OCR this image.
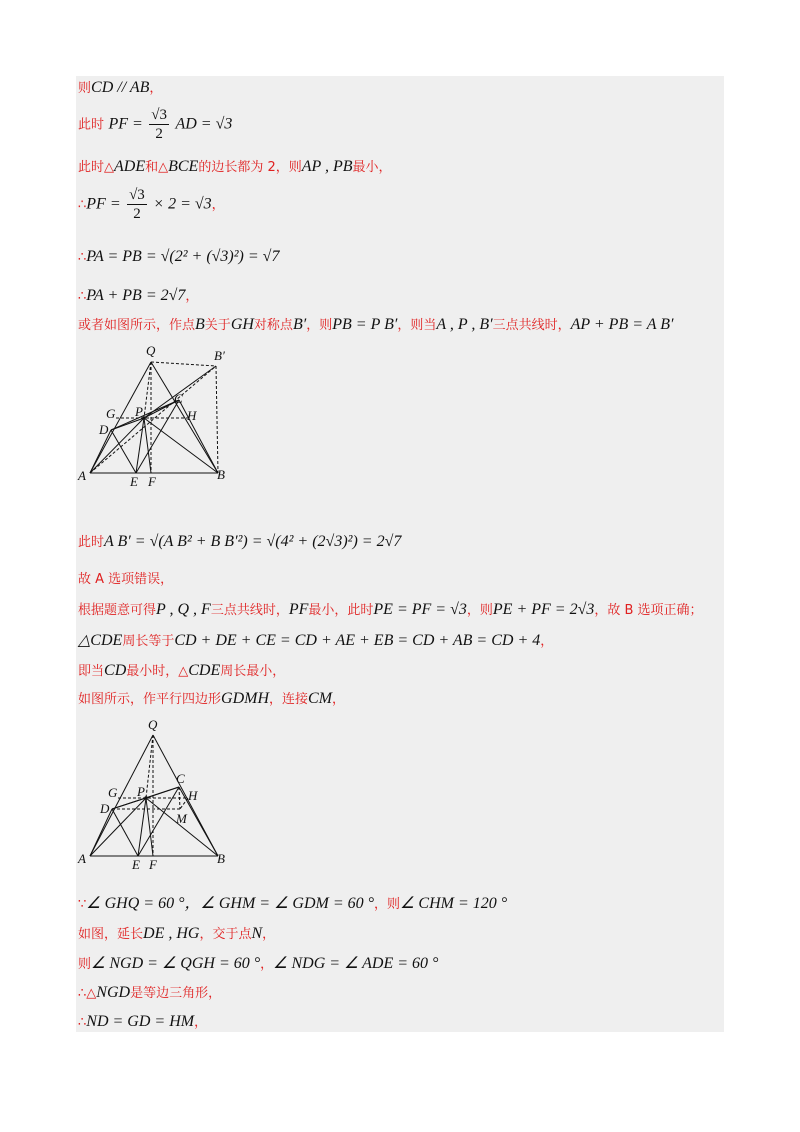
则CD // AB，
此时 PF = $\frac{√3}{2}$ AD = √3
此时△ADE和△BCE的边长都为 2，则AP , PB最小，
∴PF = $\frac{√3}{2} \times 2 = √3$，
∴PA = PB = √(2² + (√3)²) = √7
∴PA + PB = 2√7，
或者如图所示，作点B关于GH对称点B′，则PB = P B′，则当A , P , B′三点共线时，AP + PB = A B′
Q	B′
C
G P	H
D
A	E F	B
此时A B′ = √(A B² + B B′²) = √(4² + (2√3)²) = 2√7
故 A 选项错误，
根据题意可得P , Q , F三点共线时，PF最小，此时PE = PF = √3，则PE + PF = 2√3，故 B 选项正确；
△CDE周长等于CD + DE + CE = CD + AE + EB = CD + AB = CD + 4，
即当CD最小时，△CDE周长最小，
如图所示，作平行四边形GDMH，连接CM，
Q
C
G P	H
D
M
A	E F	B
∵∠ GHQ = 60 °，∠ GHM = ∠ GDM = 60 °，则∠ CHM = 120 °
如图，延长DE , HG，交于点N，
则∠ NGD = ∠ QGH = 60 °，∠ NDG = ∠ ADE = 60 °
∴△NGD是等边三角形，
∴ND = GD = HM，
